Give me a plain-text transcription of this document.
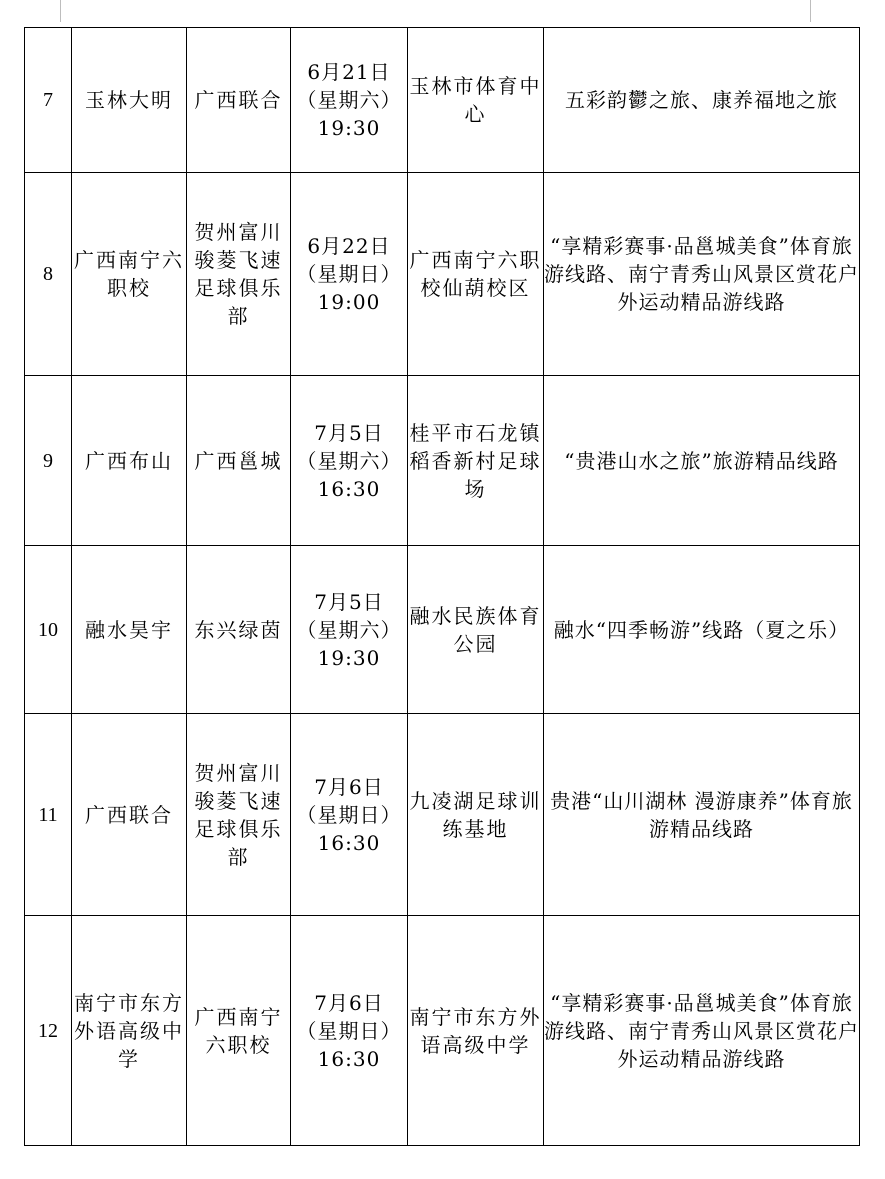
7	玉林大明	广西联合	6月21日
（星期六）
19:30	玉林市体育中心	五彩韵鬱之旅、康养福地之旅
8	广西南宁六职校	贺州富川骏菱飞速足球俱乐部	6月22日
（星期日）
19:00	广西南宁六职校仙葫校区	“享精彩赛事·品邕城美食”体育旅游线路、南宁青秀山风景区赏花户外运动精品游线路
9	广西布山	广西邕城	7月5日
（星期六）
16:30	桂平市石龙镇稻香新村足球场	“贵港山水之旅”旅游精品线路
10	融水昊宇	东兴绿茵	7月5日
（星期六）
19:30	融水民族体育公园	融水“四季畅游”线路（夏之乐）
11	广西联合	贺州富川骏菱飞速足球俱乐部	7月6日
（星期日）
16:30	九凌湖足球训练基地	贵港“山川湖林 漫游康养”体育旅游精品线路
12	南宁市东方外语高级中学	广西南宁六职校	7月6日
（星期日）
16:30	南宁市东方外语高级中学	“享精彩赛事·品邕城美食”体育旅游线路、南宁青秀山风景区赏花户外运动精品游线路
